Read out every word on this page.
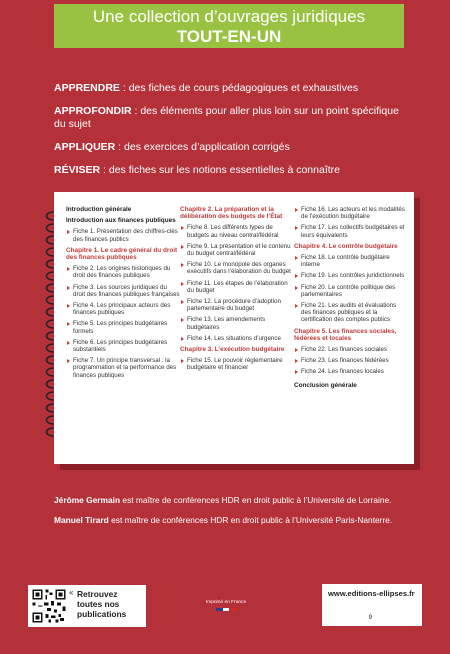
Une collection d’ouvrages juridiques
TOUT-EN-UN
APPRENDRE : des fiches de cours pédagogiques et exhaustives
APPROFONDIR : des éléments pour aller plus loin sur un point spécifique du sujet
APPLIQUER : des exercices d’application corrigés
RÉVISER : des fiches sur les notions essentielles à connaître
Introduction générale
Introduction aux finances publiques
Fiche 1. Présentation des chiffres-clés des finances publics
Chapitre 1. Le cadre général du droit des finances publiques
Fiche 2. Les origines historiques du droit des finances publiques
Fiche 3. Les sources juridiques du droit des finances publiques françaises
Fiche 4. Les principaux acteurs des finances publiques
Fiche 5. Les principes budgétaires formels
Fiche 6. Les principes budgétaires substantiels
Fiche 7. Un principe transversal : la programmation et la performance des finances publiques
Chapitre 2. La préparation et la délibération des budgets de l’État
Fiche 8. Les différents types de budgets au niveau central/fédéral
Fiche 9. La présentation et le contenu du budget central/fédéral
Fiche 10. Le monopole des organes exécutifs dans l’élaboration du budget
Fiche 11. Les étapes de l’élaboration du budget
Fiche 12. La procédure d’adoption parlementaire du budget
Fiche 13. Les amendements budgétaires
Fiche 14. Les situations d’urgence
Chapitre 3. L’exécution budgétaire
Fiche 15. Le pouvoir réglementaire budgétaire et financier
Fiche 16. Les acteurs et les modalités de l’exécution budgétaire
Fiche 17. Les collectifs budgétaires et leurs équivalents
Chapitre 4. Le contrôle budgétaire
Fiche 18. Le contrôle budgétaire interne
Fiche 19. Les contrôles juridictionnels
Fiche 20. Le contrôle politique des parlementaires
Fiche 21. Les audits et évaluations des finances publiques et la certification des comptes publics
Chapitre 5. Les finances sociales, fédérées et locales
Fiche 22. Les finances sociales
Fiche 23. Les finances fédérées
Fiche 24. Les finances locales
Conclusion générale
Jérôme Germain est maître de conférences HDR en droit public à l’Université de Lorraine.
Manuel Tirard est maître de conférences HDR en droit public à l’Université Paris-Nanterre.
« Retrouvez
toutes nos
publications
Imprimé en France
www.editions-ellipses.fr
9
